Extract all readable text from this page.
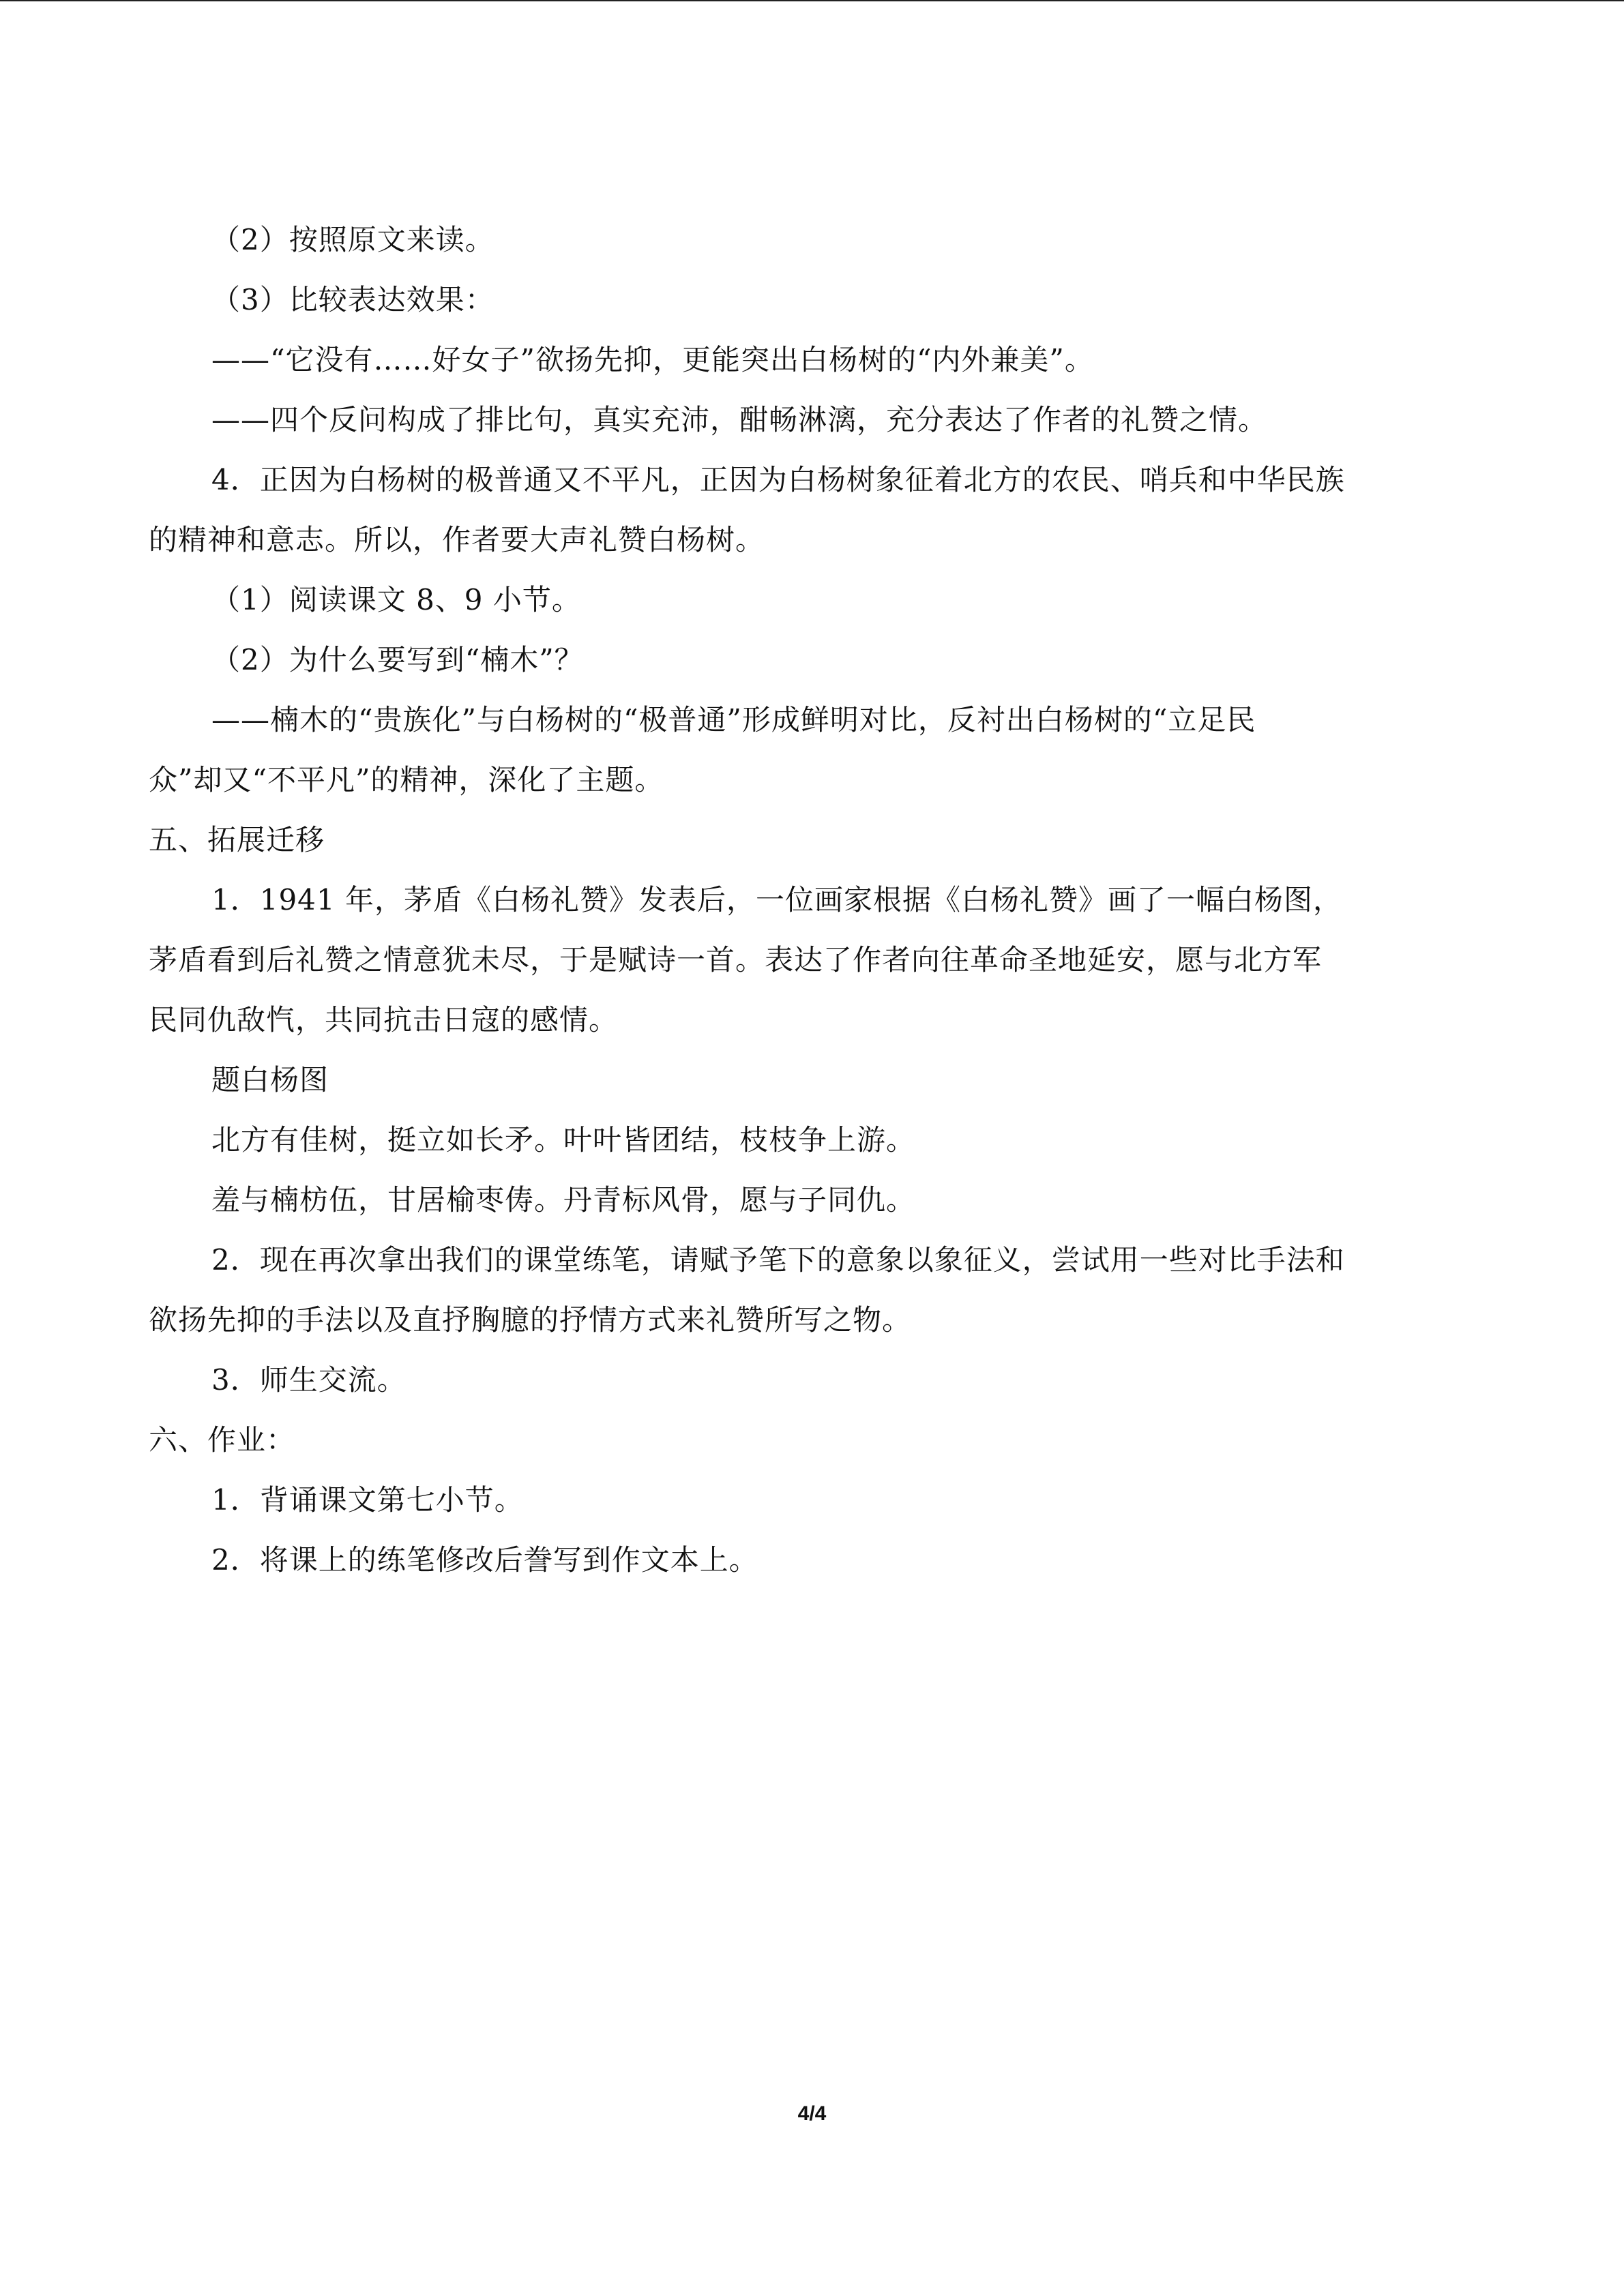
（2）按照原文来读。
（3）比较表达效果：
——“它没有……好女子”欲扬先抑，更能突出白杨树的“内外兼美”。
——四个反问构成了排比句，真实充沛，酣畅淋漓，充分表达了作者的礼赞之情。
4．正因为白杨树的极普通又不平凡，正因为白杨树象征着北方的农民、哨兵和中华民族
的精神和意志。所以，作者要大声礼赞白杨树。
（1）阅读课文 8、9 小节。
（2）为什么要写到“楠木”？
——楠木的“贵族化”与白杨树的“极普通”形成鲜明对比，反衬出白杨树的“立足民
众”却又“不平凡”的精神，深化了主题。
五、拓展迁移
1．1941 年，茅盾《白杨礼赞》发表后，一位画家根据《白杨礼赞》画了一幅白杨图，
茅盾看到后礼赞之情意犹未尽，于是赋诗一首。表达了作者向往革命圣地延安，愿与北方军
民同仇敌忾，共同抗击日寇的感情。
题白杨图
北方有佳树，挺立如长矛。叶叶皆团结，枝枝争上游。
羞与楠枋伍，甘居榆枣俦。丹青标风骨，愿与子同仇。
2．现在再次拿出我们的课堂练笔，请赋予笔下的意象以象征义，尝试用一些对比手法和
欲扬先抑的手法以及直抒胸臆的抒情方式来礼赞所写之物。
3．师生交流。
六、作业：
1．背诵课文第七小节。
2．将课上的练笔修改后誊写到作文本上。
4/4
